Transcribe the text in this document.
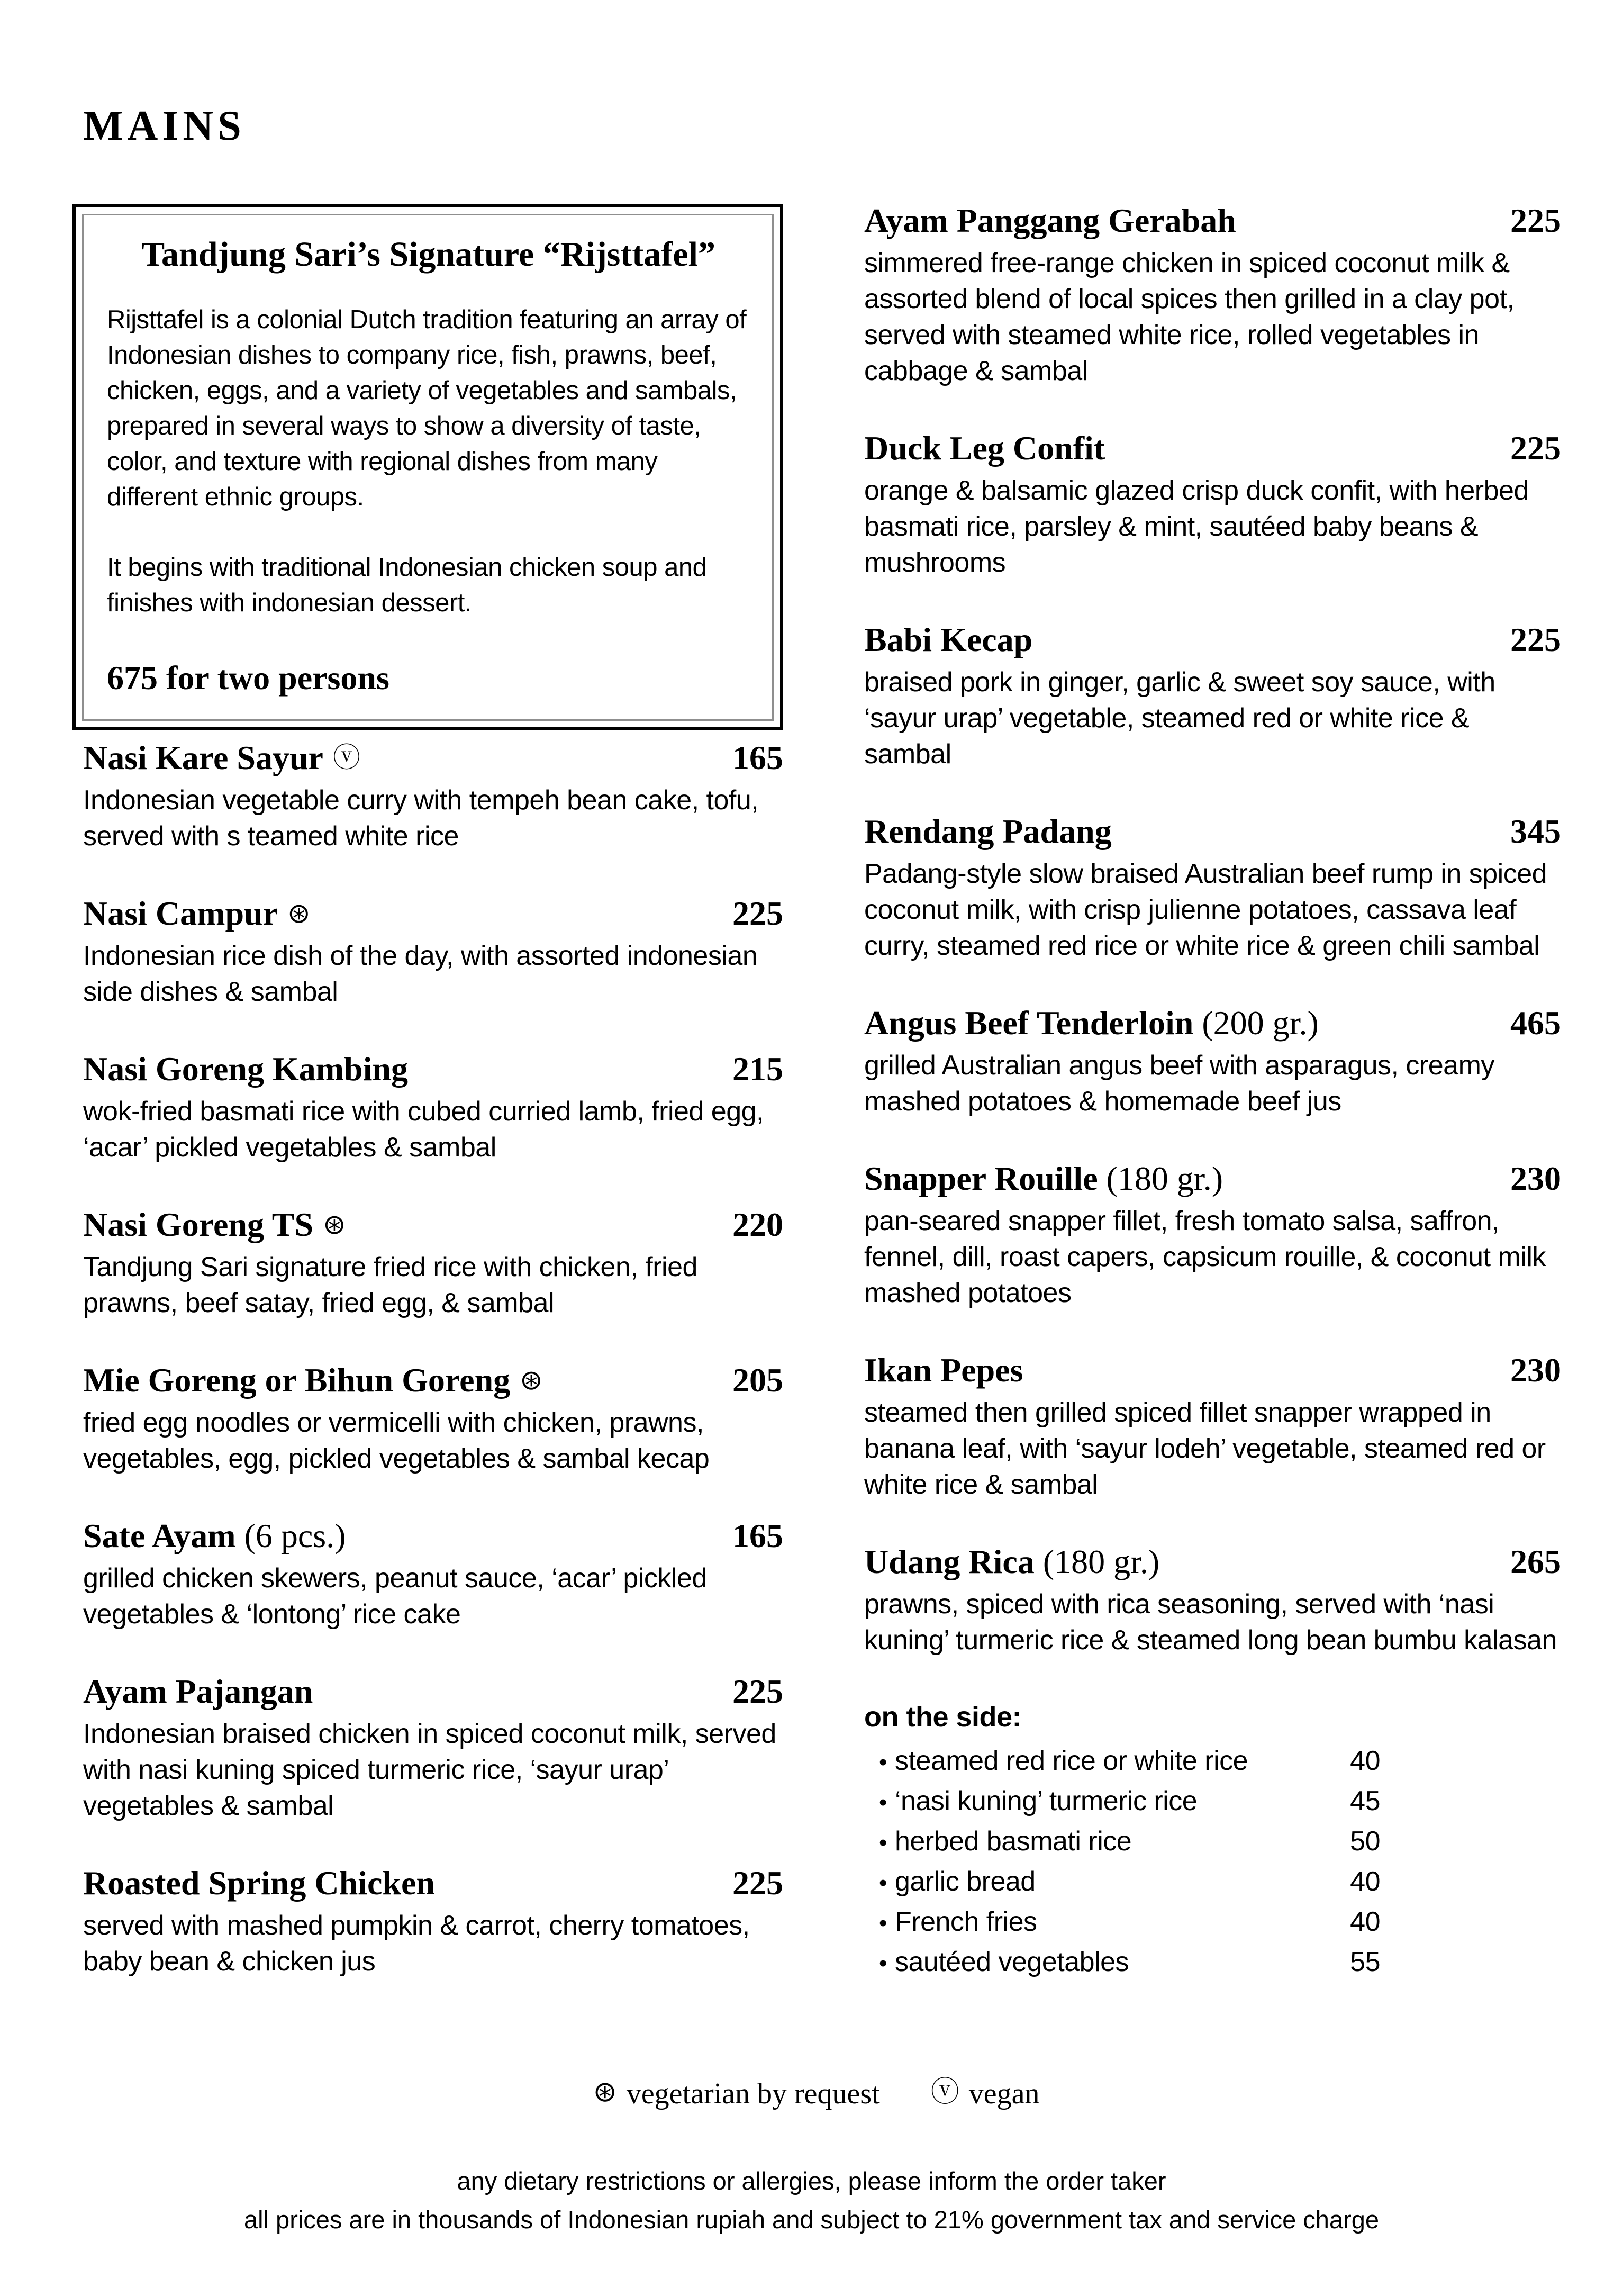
MAINS

Tandjung Sari’s Signature “Rijsttafel”

Rijsttafel is a colonial Dutch tradition featuring an array of Indonesian dishes to company rice, fish, prawns, beef, chicken, eggs, and a variety of vegetables and sambals, prepared in several ways to show a diversity of taste, color, and texture with regional dishes from many different ethnic groups.

It begins with traditional Indonesian chicken soup and finishes with indonesian dessert.

675 for two persons

Nasi Kare Sayur ⓥ	165

Indonesian vegetable curry with tempeh bean cake, tofu, served with s teamed white rice

Nasi Campur ⊛	225

Indonesian rice dish of the day, with assorted indonesian side dishes & sambal

Nasi Goreng Kambing	215

wok-fried basmati rice with cubed curried lamb, fried egg, ‘acar’ pickled vegetables & sambal

Nasi Goreng TS ⊛	220

Tandjung Sari signature fried rice with chicken, fried prawns, beef satay, fried egg, & sambal

Mie Goreng or Bihun Goreng ⊛	205

fried egg noodles or vermicelli with chicken, prawns, vegetables, egg, pickled vegetables & sambal kecap

Sate Ayam (6 pcs.)	165

grilled chicken skewers, peanut sauce, ‘acar’ pickled vegetables & ‘lontong’ rice cake

Ayam Pajangan	225

Indonesian braised chicken in spiced coconut milk, served with nasi kuning spiced turmeric rice, ‘sayur urap’ vegetables & sambal

Roasted Spring Chicken	225

served with mashed pumpkin & carrot, cherry tomatoes, baby bean & chicken jus

Ayam Panggang Gerabah	225

simmered free-range chicken in spiced coconut milk & assorted blend of local spices then grilled in a clay pot, served with steamed white rice, rolled vegetables in cabbage & sambal

Duck Leg Confit	225

orange & balsamic glazed crisp duck confit, with herbed basmati rice, parsley & mint, sautéed baby beans & mushrooms

Babi Kecap	225

braised pork in ginger, garlic & sweet soy sauce, with ‘sayur urap’ vegetable, steamed red or white rice & sambal

Rendang Padang	345

Padang-style slow braised Australian beef rump in spiced coconut milk, with crisp julienne potatoes, cassava leaf curry, steamed red rice or white rice & green chili sambal

Angus Beef Tenderloin (200 gr.)	465

grilled Australian angus beef with asparagus, creamy mashed potatoes & homemade beef jus

Snapper Rouille (180 gr.)	230

pan-seared snapper fillet, fresh tomato salsa, saffron, fennel, dill, roast capers, capsicum rouille, & coconut milk mashed potatoes

Ikan Pepes	230

steamed then grilled spiced fillet snapper wrapped in banana leaf, with ‘sayur lodeh’ vegetable, steamed red or white rice & sambal

Udang Rica (180 gr.)	265

prawns, spiced with rica seasoning, served with ‘nasi kuning’ turmeric rice & steamed long bean bumbu kalasan

on the side:

• steamed red rice or white rice	40
• ‘nasi kuning’ turmeric rice	45
• herbed basmati rice	50
• garlic bread	40
• French fries	40
• sautéed vegetables	55
⊛ vegetarian by request ⓥ vegan

any dietary restrictions or allergies, please inform the order taker

all prices are in thousands of Indonesian rupiah and subject to 21% government tax and service charge
